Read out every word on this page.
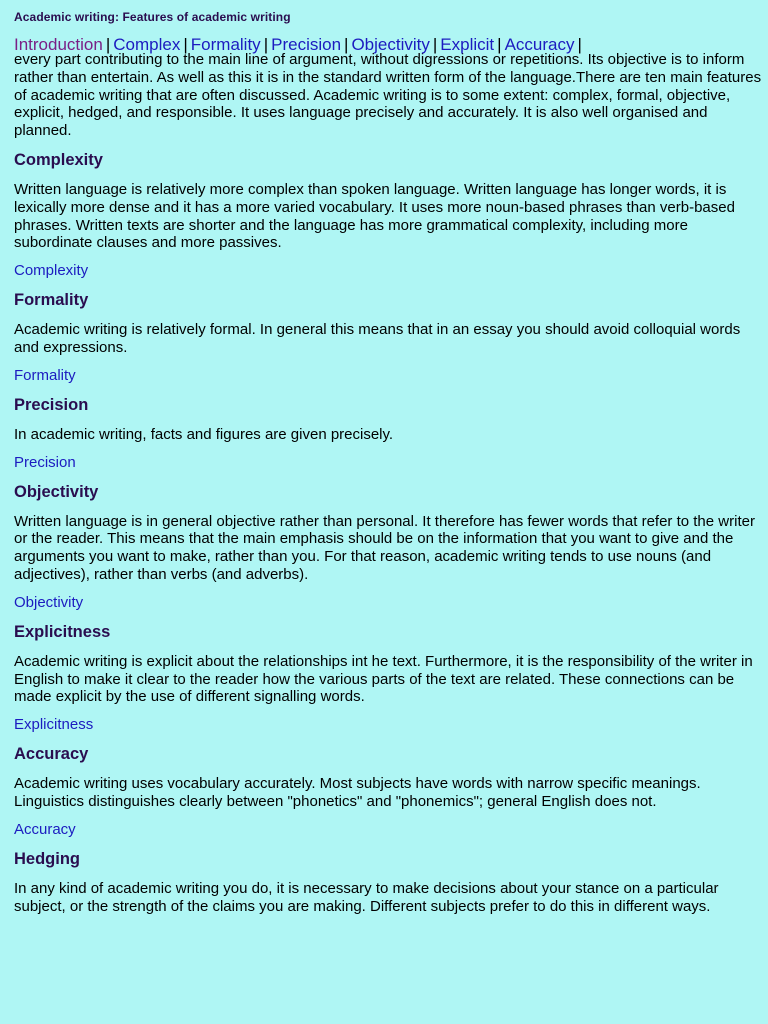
Academic writing: Features of academic writing
Introduction | Complex | Formality | Precision | Objectivity | Explicit | Accuracy |

every part contributing to the main line of argument, without digressions or repetitions. Its objective is to inform rather than entertain. As well as this it is in the standard written form of the language.There are ten main features of academic writing that are often discussed. Academic writing is to some extent: complex, formal, objective, explicit, hedged, and responsible. It uses language precisely and accurately. It is also well organised and planned.

Complexity

Written language is relatively more complex than spoken language. Written language has longer words, it is lexically more dense and it has a more varied vocabulary. It uses more noun-based phrases than verb-based phrases. Written texts are shorter and the language has more grammatical complexity, including more subordinate clauses and more passives.

Complexity
Formality

Academic writing is relatively formal. In general this means that in an essay you should avoid colloquial words and expressions.

Formality
Precision

In academic writing, facts and figures are given precisely.

Precision
Objectivity

Written language is in general objective rather than personal. It therefore has fewer words that refer to the writer or the reader. This means that the main emphasis should be on the information that you want to give and the arguments you want to make, rather than you. For that reason, academic writing tends to use nouns (and adjectives), rather than verbs (and adverbs).

Objectivity
Explicitness

Academic writing is explicit about the relationships int he text. Furthermore, it is the responsibility of the writer in English to make it clear to the reader how the various parts of the text are related. These connections can be made explicit by the use of different signalling words.

Explicitness
Accuracy

Academic writing uses vocabulary accurately. Most subjects have words with narrow specific meanings. Linguistics distinguishes clearly between "phonetics" and "phonemics"; general English does not.

Accuracy
Hedging

In any kind of academic writing you do, it is necessary to make decisions about your stance on a particular subject, or the strength of the claims you are making. Different subjects prefer to do this in different ways.
